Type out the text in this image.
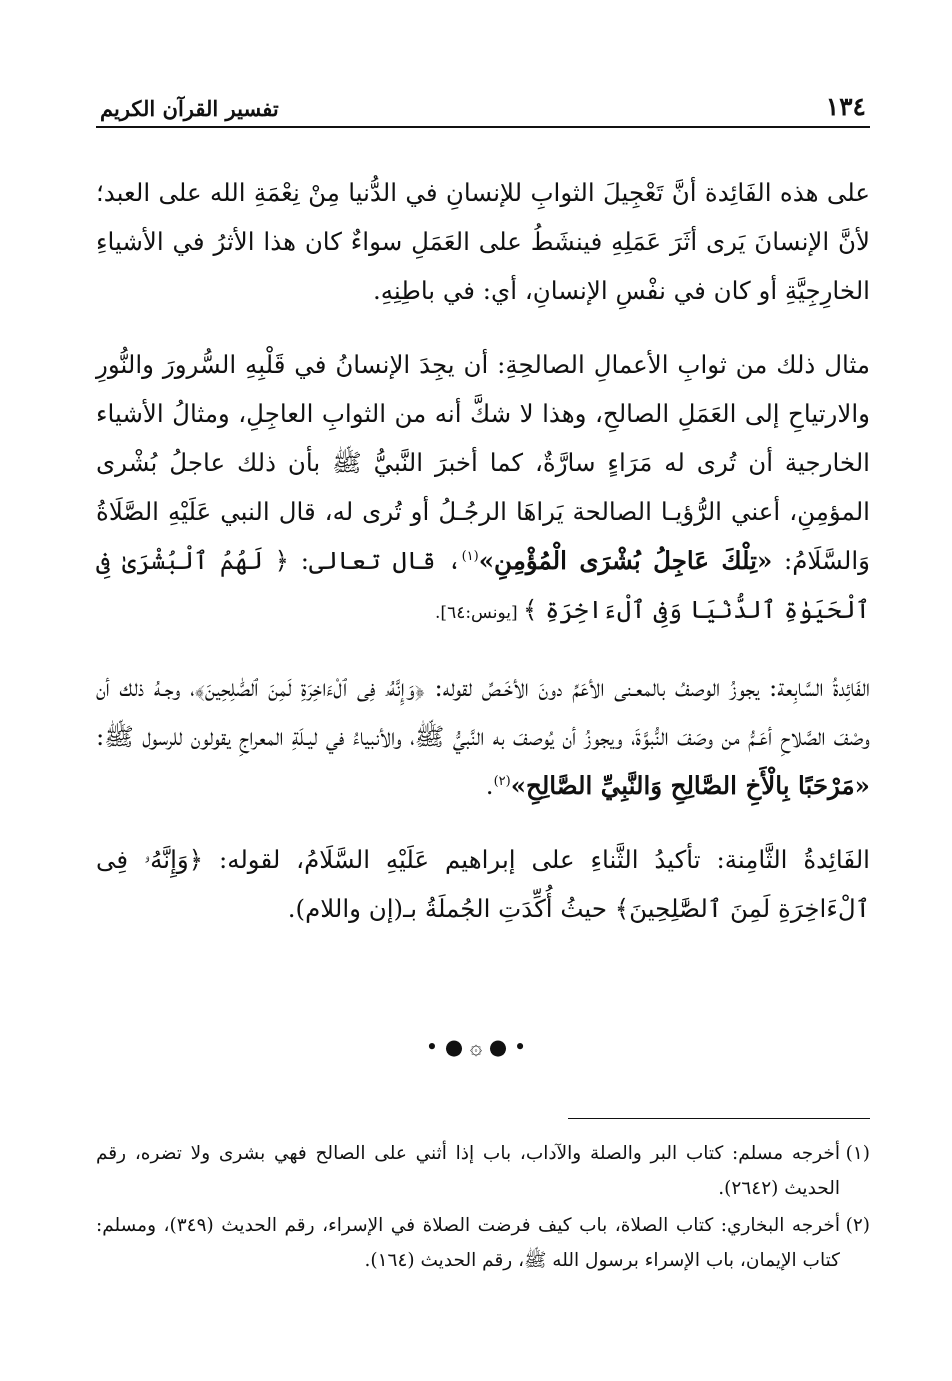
١٣٤
تفسير القرآن الكريم

على هذه الفَائِدة أنَّ تَعْجِيلَ الثوابِ للإنسانِ في الدُّنيا مِنْ نِعْمَةِ الله على العبد؛ لأنَّ الإنسانَ يَرى أثَرَ عَمَلِهِ فينشَطُ على العَمَلِ سواءٌ كان هذا الأثرُ في الأشياءِ الخارِجِيَّةِ أو كان في نفْسِ الإنسانِ، أي: في باطِنِهِ.

مثال ذلك من ثوابِ الأعمالِ الصالحِةِ: أن يجِدَ الإنسانُ في قَلْبِهِ السُّرورَ والنُّورِ والارتياحِ إلى العَمَلِ الصالحِ، وهذا لا شكَّ أنه من الثوابِ العاجِلِ، ومثالُ الأشياء الخارجية أن تُرى له مَرَاءٍ سارَّةٌ، كما أخبرَ النَّبيُّ ﷺ بأن ذلك عاجلُ بُشْرى المؤمِنِ، أعني الرُّؤيـا الصالحة يَراهَا الرجُـلُ أو تُرى له، قال النبي عَلَيْهِ الصَّلَاةُ وَالسَّلَامُ: «تِلْكَ عَاجِلُ بُشْرَى الْمُؤْمِنِ»$^{(١)}$، قال تعالى: ﴿ لَهُمُ ٱلْبُشْرَىٰ فِى ٱلْحَيَوٰةِ ٱلدُّنْيَا وَفِى ٱلْءَاخِرَةِ ﴾ [يونس:٦٤].

الفَائِدةُ السَّابِعة: يجوزُ الوصفُ بالمعـنى الأعَمِّ دونَ الأخَـصِّ لقوله: ﴿وَإِنَّهُۥ فِى ٱلْءَاخِرَةِ لَمِنَ ٱلصَّٰلِحِينَ﴾، وجـهُ ذلك أن وصْفَ الصَّلاحِ أعَـمُّ من وصَفَ النُّبوَّةَ، ويجوزُ أن يُوصفَ به النَّبيُّ ﷺ، والأنبياءُ في ليـلَةِ المعراجِ يقولون للرسول ﷺ: «مَرْحَبًا بِالْأَخِ الصَّالِحِ وَالنَّبِيِّ الصَّالِحِ»$^{(٢)}$.

الفَائِدةُ الثَّامِنة: تأكيدُ الثَّناءِ على إبراهيم عَلَيْهِ السَّلَامُ، لقوله: ﴿وَإِنَّهُۥ فِى ٱلْءَاخِرَةِ لَمِنَ ٱلصَّٰلِحِينَ﴾ حيثُ أُكِّدَتِ الجُملَةُ بـ(إن واللام).

• ● ۞ ● •
(١)
أخرجه مسلم: كتاب البر والصلة والآداب، باب إذا أثني على الصالح فهي بشرى ولا تضره، رقم الحديث (٢٦٤٢).
(٢)
أخرجه البخاري: كتاب الصلاة، باب كيف فرضت الصلاة في الإسراء، رقم الحديث (٣٤٩)، ومسلم: كتاب الإيمان، باب الإسراء برسول الله ﷺ، رقم الحديث (١٦٤).
